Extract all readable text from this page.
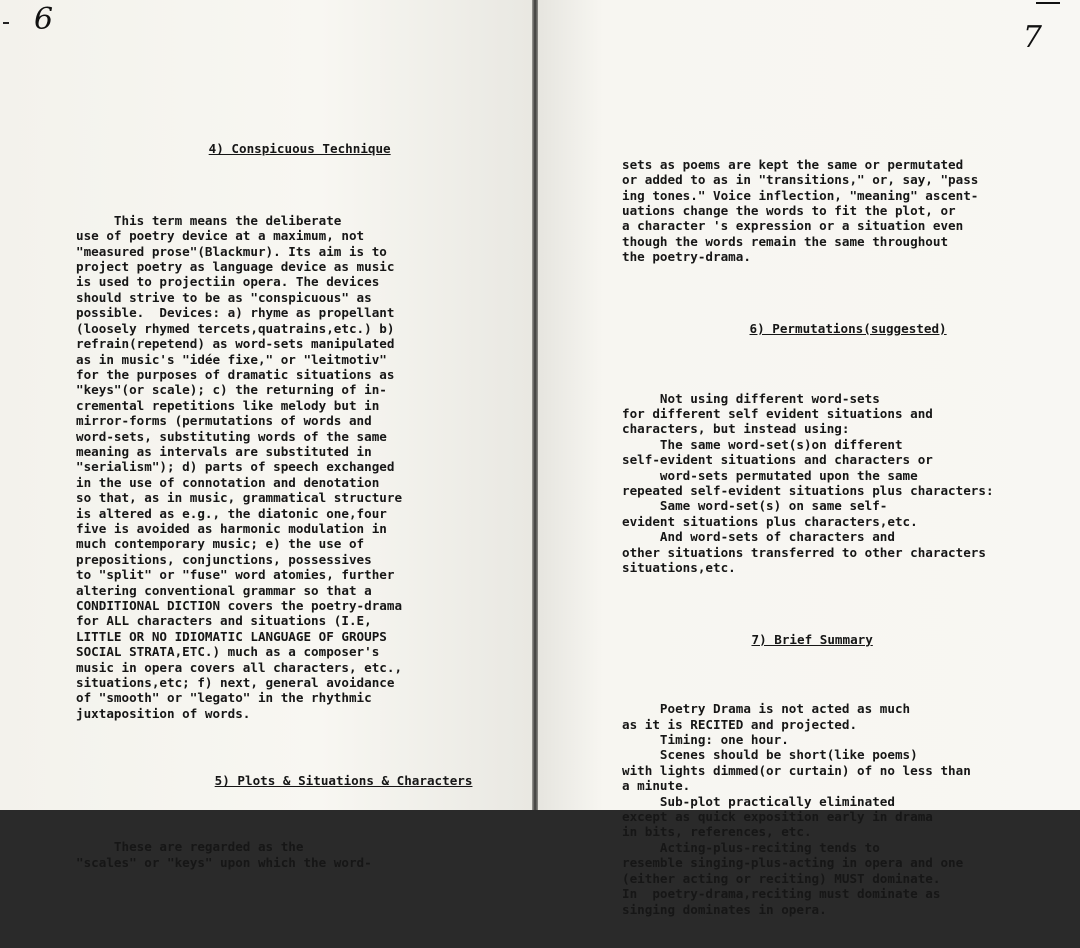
6

4) Conspicuous Technique

This term means the deliberate
use of poetry device at a maximum, not
"measured prose"(Blackmur). Its aim is to
project poetry as language device as music
is used to projectiin opera. The devices
should strive to be as "conspicuous" as
possible.  Devices: a) rhyme as propellant
(loosely rhymed tercets,quatrains,etc.) b)
refrain(repetend) as word-sets manipulated
as in music's "idée fixe," or "leitmotiv"
for the purposes of dramatic situations as
"keys"(or scale); c) the returning of in-
cremental repetitions like melody but in
mirror-forms (permutations of words and
word-sets, substituting words of the same
meaning as intervals are substituted in
"serialism"); d) parts of speech exchanged
in the use of connotation and denotation
so that, as in music, grammatical structure
is altered as e.g., the diatonic one,four
five is avoided as harmonic modulation in
much contemporary music; e) the use of
prepositions, conjunctions, possessives
to "split" or "fuse" word atomies, further
altering conventional grammar so that a
CONDITIONAL DICTION covers the poetry-drama
for ALL characters and situations (I.E,
LITTLE OR NO IDIOMATIC LANGUAGE OF GROUPS
SOCIAL STRATA,ETC.) much as a composer's
music in opera covers all characters, etc.,
situations,etc; f) next, general avoidance
of "smooth" or "legato" in the rhythmic
juxtaposition of words.

5) Plots & Situations & Characters

These are regarded as the
"scales" or "keys" upon which the word-

7

sets as poems are kept the same or permutated
or added to as in "transitions," or, say, "pass
ing tones." Voice inflection, "meaning" ascent-
uations change the words to fit the plot, or
a character 's expression or a situation even
though the words remain the same throughout
the poetry-drama.

6) Permutations(suggested)

Not using different word-sets
for different self evident situations and
characters, but instead using:
The same word-set(s)on different
self-evident situations and characters or
word-sets permutated upon the same
repeated self-evident situations plus characters:
Same word-set(s) on same self-
evident situations plus characters,etc.
And word-sets of characters and
other situations transferred to other characters
situations,etc.

7) Brief Summary

Poetry Drama is not acted as much
as it is RECITED and projected.
Timing: one hour.
Scenes should be short(like poems)
with lights dimmed(or curtain) of no less than
a minute.
Sub-plot practically eliminated
except as quick exposition early in drama
in bits, references, etc.
Acting-plus-reciting tends to
resemble singing-plus-acting in opera and one
(either acting or reciting) MUST dominate.
In  poetry-drama,reciting must dominate as
singing dominates in opera.
